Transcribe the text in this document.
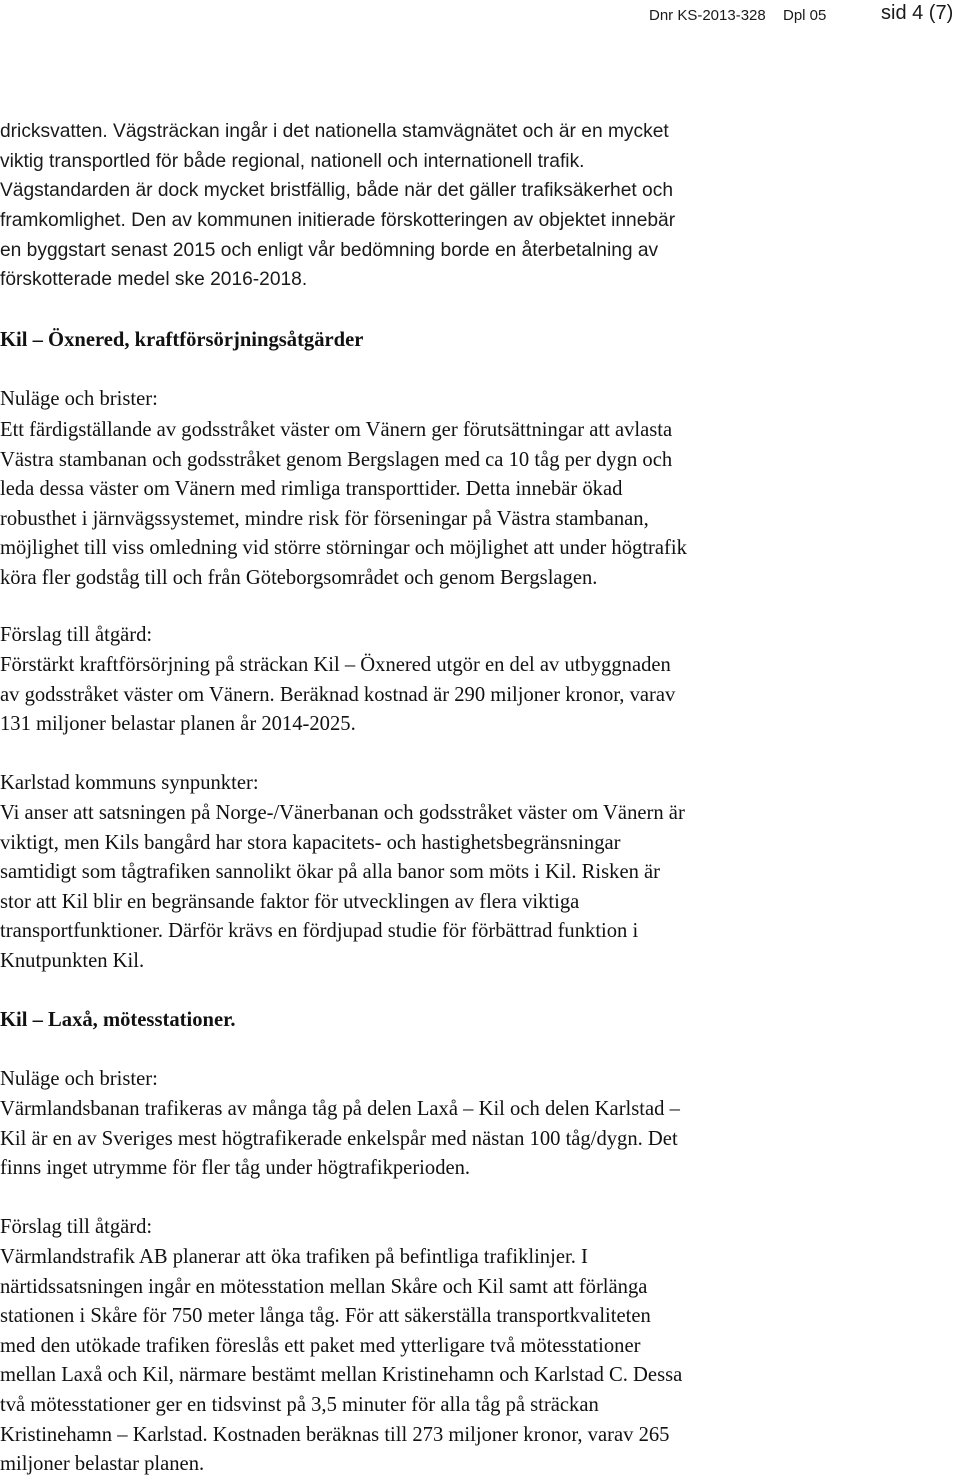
Dnr KS-2013-328 Dpl 05	sid 4 (7)
dricksvatten. Vägsträckan ingår i det nationella stamvägnätet och är en mycket
viktig transportled för både regional, nationell och internationell trafik.
Vägstandarden är dock mycket bristfällig, både när det gäller trafiksäkerhet och
framkomlighet. Den av kommunen initierade förskotteringen av objektet innebär
en byggstart senast 2015 och enligt vår bedömning borde en återbetalning av
förskotterade medel ske 2016-2018.
Kil – Öxnered, kraftförsörjningsåtgärder
Nuläge och brister:
Ett färdigställande av godsstråket väster om Vänern ger förutsättningar att avlasta
Västra stambanan och godsstråket genom Bergslagen med ca 10 tåg per dygn och
leda dessa väster om Vänern med rimliga transporttider. Detta innebär ökad
robusthet i järnvägssystemet, mindre risk för förseningar på Västra stambanan,
möjlighet till viss omledning vid större störningar och möjlighet att under högtrafik
köra fler godståg till och från Göteborgsområdet och genom Bergslagen.
Förslag till åtgärd:
Förstärkt kraftförsörjning på sträckan Kil – Öxnered utgör en del av utbyggnaden
av godsstråket väster om Vänern. Beräknad kostnad är 290 miljoner kronor, varav
131 miljoner belastar planen år 2014-2025.
Karlstad kommuns synpunkter:
Vi anser att satsningen på Norge-/Vänerbanan och godsstråket väster om Vänern är
viktigt, men Kils bangård har stora kapacitets- och hastighetsbegränsningar
samtidigt som tågtrafiken sannolikt ökar på alla banor som möts i Kil. Risken är
stor att Kil blir en begränsande faktor för utvecklingen av flera viktiga
transportfunktioner. Därför krävs en fördjupad studie för förbättrad funktion i
Knutpunkten Kil.
Kil – Laxå, mötesstationer.
Nuläge och brister:
Värmlandsbanan trafikeras av många tåg på delen Laxå – Kil och delen Karlstad –
Kil är en av Sveriges mest högtrafikerade enkelspår med nästan 100 tåg/dygn. Det
finns inget utrymme för fler tåg under högtrafikperioden.
Förslag till åtgärd:
Värmlandstrafik AB planerar att öka trafiken på befintliga trafiklinjer. I
närtidssatsningen ingår en mötesstation mellan Skåre och Kil samt att förlänga
stationen i Skåre för 750 meter långa tåg. För att säkerställa transportkvaliteten
med den utökade trafiken föreslås ett paket med ytterligare två mötesstationer
mellan Laxå och Kil, närmare bestämt mellan Kristinehamn och Karlstad C. Dessa
två mötesstationer ger en tidsvinst på 3,5 minuter för alla tåg på sträckan
Kristinehamn – Karlstad. Kostnaden beräknas till 273 miljoner kronor, varav 265
miljoner belastar planen.
